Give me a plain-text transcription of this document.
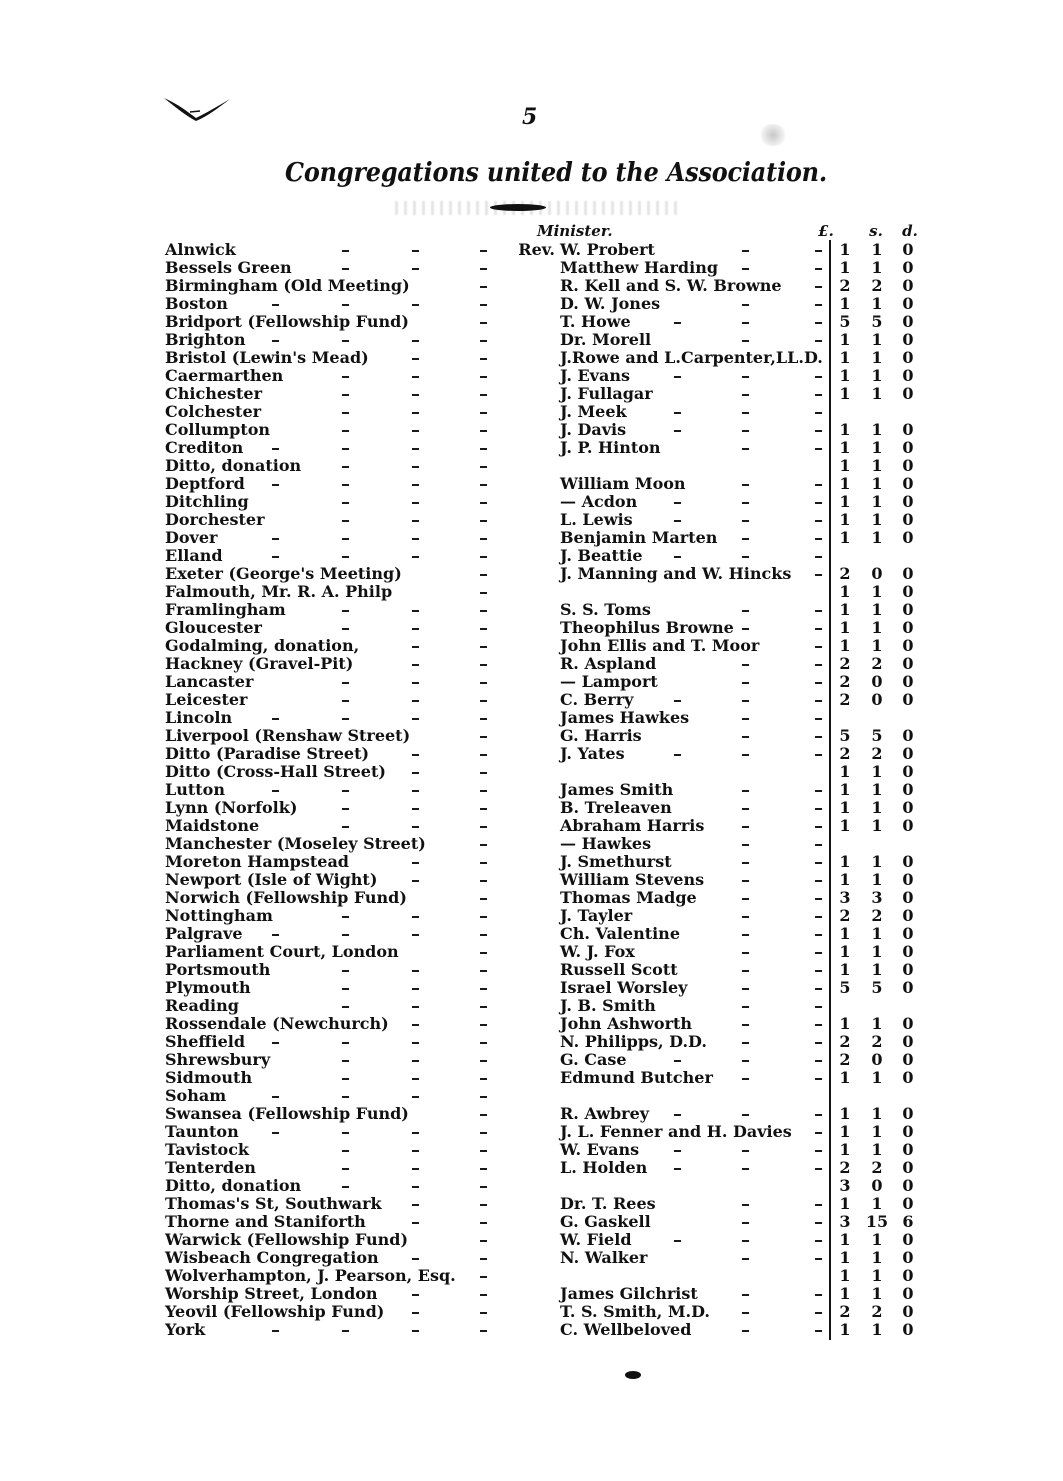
5
Congregations united to the Association.
Minister.	£.	s.	d.
Alnwick	Rev. W. Probert	1	1	0
Bessels Green	Matthew Harding	1	1	0
Birmingham (Old Meeting)	R. Kell and S. W. Browne	2	2	0
Boston	D. W. Jones	1	1	0
Bridport (Fellowship Fund)	T. Howe	5	5	0
Brighton	Dr. Morell	1	1	0
Bristol (Lewin's Mead)	J.Rowe and L.Carpenter,LL.D.	1	1	0
Caermarthen	J. Evans	1	1	0
Chichester	J. Fullagar	1	1	0
Colchester	J. Meek
Collumpton	J. Davis	1	1	0
Crediton	J. P. Hinton	1	1	0
Ditto, donation	1	1	0
Deptford	William Moon	1	1	0
Ditchling	— Acdon	1	1	0
Dorchester	L. Lewis	1	1	0
Dover	Benjamin Marten	1	1	0
Elland	J. Beattie
Exeter (George's Meeting)	J. Manning and W. Hincks	2	0	0
Falmouth, Mr. R. A. Philp	1	1	0
Framlingham	S. S. Toms	1	1	0
Gloucester	Theophilus Browne	1	1	0
Godalming, donation,	John Ellis and T. Moor	1	1	0
Hackney (Gravel-Pit)	R. Aspland	2	2	0
Lancaster	— Lamport	2	0	0
Leicester	C. Berry	2	0	0
Lincoln	James Hawkes
Liverpool (Renshaw Street)	G. Harris	5	5	0
Ditto (Paradise Street)	J. Yates	2	2	0
Ditto (Cross-Hall Street)	1	1	0
Lutton	James Smith	1	1	0
Lynn (Norfolk)	B. Treleaven	1	1	0
Maidstone	Abraham Harris	1	1	0
Manchester (Moseley Street)	— Hawkes
Moreton Hampstead	J. Smethurst	1	1	0
Newport (Isle of Wight)	William Stevens	1	1	0
Norwich (Fellowship Fund)	Thomas Madge	3	3	0
Nottingham	J. Tayler	2	2	0
Palgrave	Ch. Valentine	1	1	0
Parliament Court, London	W. J. Fox	1	1	0
Portsmouth	Russell Scott	1	1	0
Plymouth	Israel Worsley	5	5	0
Reading	J. B. Smith
Rossendale (Newchurch)	John Ashworth	1	1	0
Sheffield	N. Philipps, D.D.	2	2	0
Shrewsbury	G. Case	2	0	0
Sidmouth	Edmund Butcher	1	1	0
Soham
Swansea (Fellowship Fund)	R. Awbrey	1	1	0
Taunton	J. L. Fenner and H. Davies	1	1	0
Tavistock	W. Evans	1	1	0
Tenterden	L. Holden	2	2	0
Ditto, donation	3	0	0
Thomas's St, Southwark	Dr. T. Rees	1	1	0
Thorne and Staniforth	G. Gaskell	3 15 6
Warwick (Fellowship Fund)	W. Field	1	1	0
Wisbeach Congregation	N. Walker	1	1	0
Wolverhampton, J. Pearson, Esq.	1	1	0
Worship Street, London	James Gilchrist	1	1	0
Yeovil (Fellowship Fund)	T. S. Smith, M.D.	2	2	0
York	C. Wellbeloved	1	1	0
